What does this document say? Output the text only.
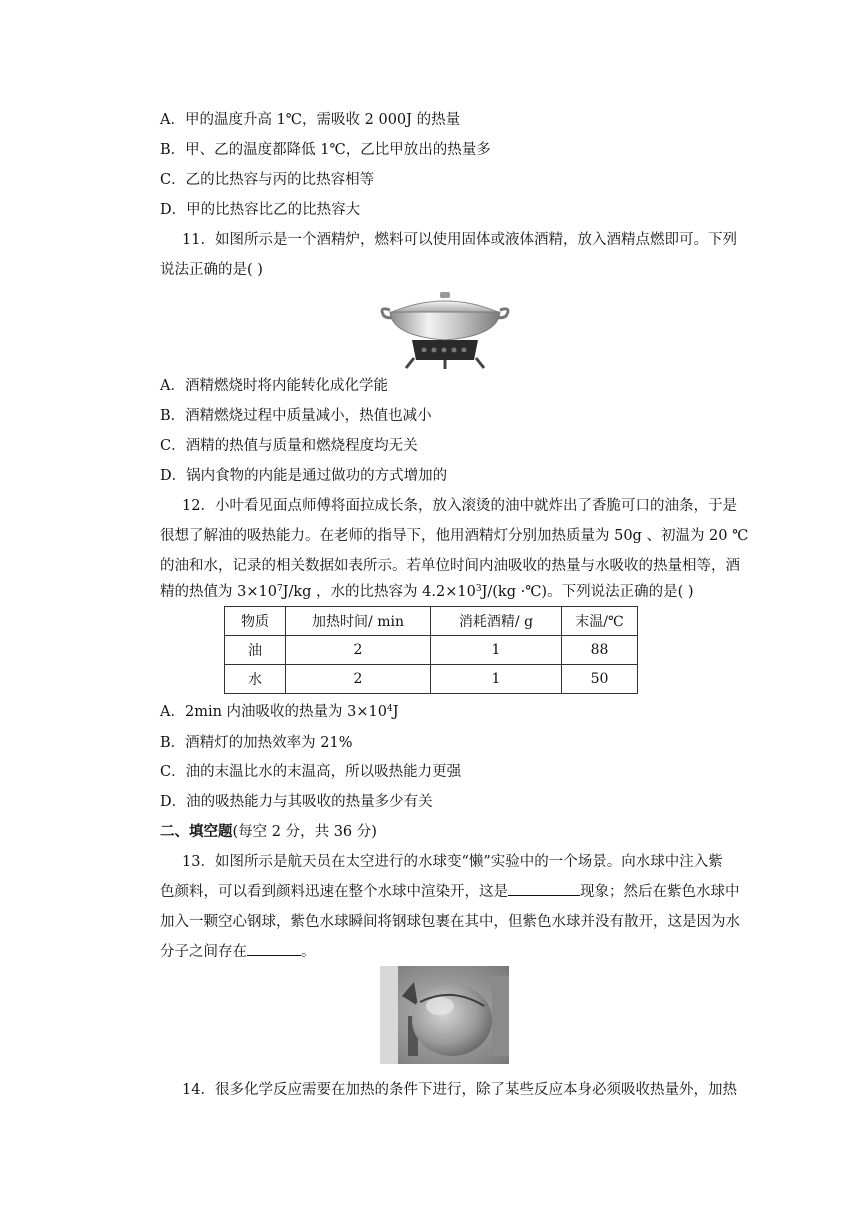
A．甲的温度升高 1℃，需吸收 2 000J 的热量
B．甲、乙的温度都降低 1℃，乙比甲放出的热量多
C．乙的比热容与丙的比热容相等
D．甲的比热容比乙的比热容大
11．如图所示是一个酒精炉，燃料可以使用固体或液体酒精，放入酒精点燃即可。下列
说法正确的是( )
A．酒精燃烧时将内能转化成化学能
B．酒精燃烧过程中质量减小，热值也减小
C．酒精的热值与质量和燃烧程度均无关
D．锅内食物的内能是通过做功的方式增加的
12．小叶看见面点师傅将面拉成长条，放入滚烫的油中就炸出了香脆可口的油条，于是
很想了解油的吸热能力。在老师的指导下，他用酒精灯分别加热质量为 50g 、初温为 20 ℃
的油和水，记录的相关数据如表所示。若单位时间内油吸收的热量与水吸收的热量相等，酒
精的热值为 $3\times 10^7J/kg$ ，水的比热容为 $4.2\times 10^3J/(kg$ ·℃)。下列说法正确的是( )
物质	加热时间/ min	消耗酒精/ g	末温/℃
油	2	1	88
水	2	1	50
A．2min 内油吸收的热量为 $3\times 10^4J$
B．酒精灯的加热效率为 21%
C．油的末温比水的末温高，所以吸热能力更强
D．油的吸热能力与其吸收的热量多少有关
二、填空题(每空 2 分，共 36 分)
13．如图所示是航天员在太空进行的水球变“懒”实验中的一个场景。向水球中注入紫
色颜料，可以看到颜料迅速在整个水球中渲染开，这是	现象；然后在紫色水球中
加入一颗空心钢球，紫色水球瞬间将钢球包裹在其中，但紫色水球并没有散开，这是因为水
分子之间存在	。
14．很多化学反应需要在加热的条件下进行，除了某些反应本身必须吸收热量外，加热
